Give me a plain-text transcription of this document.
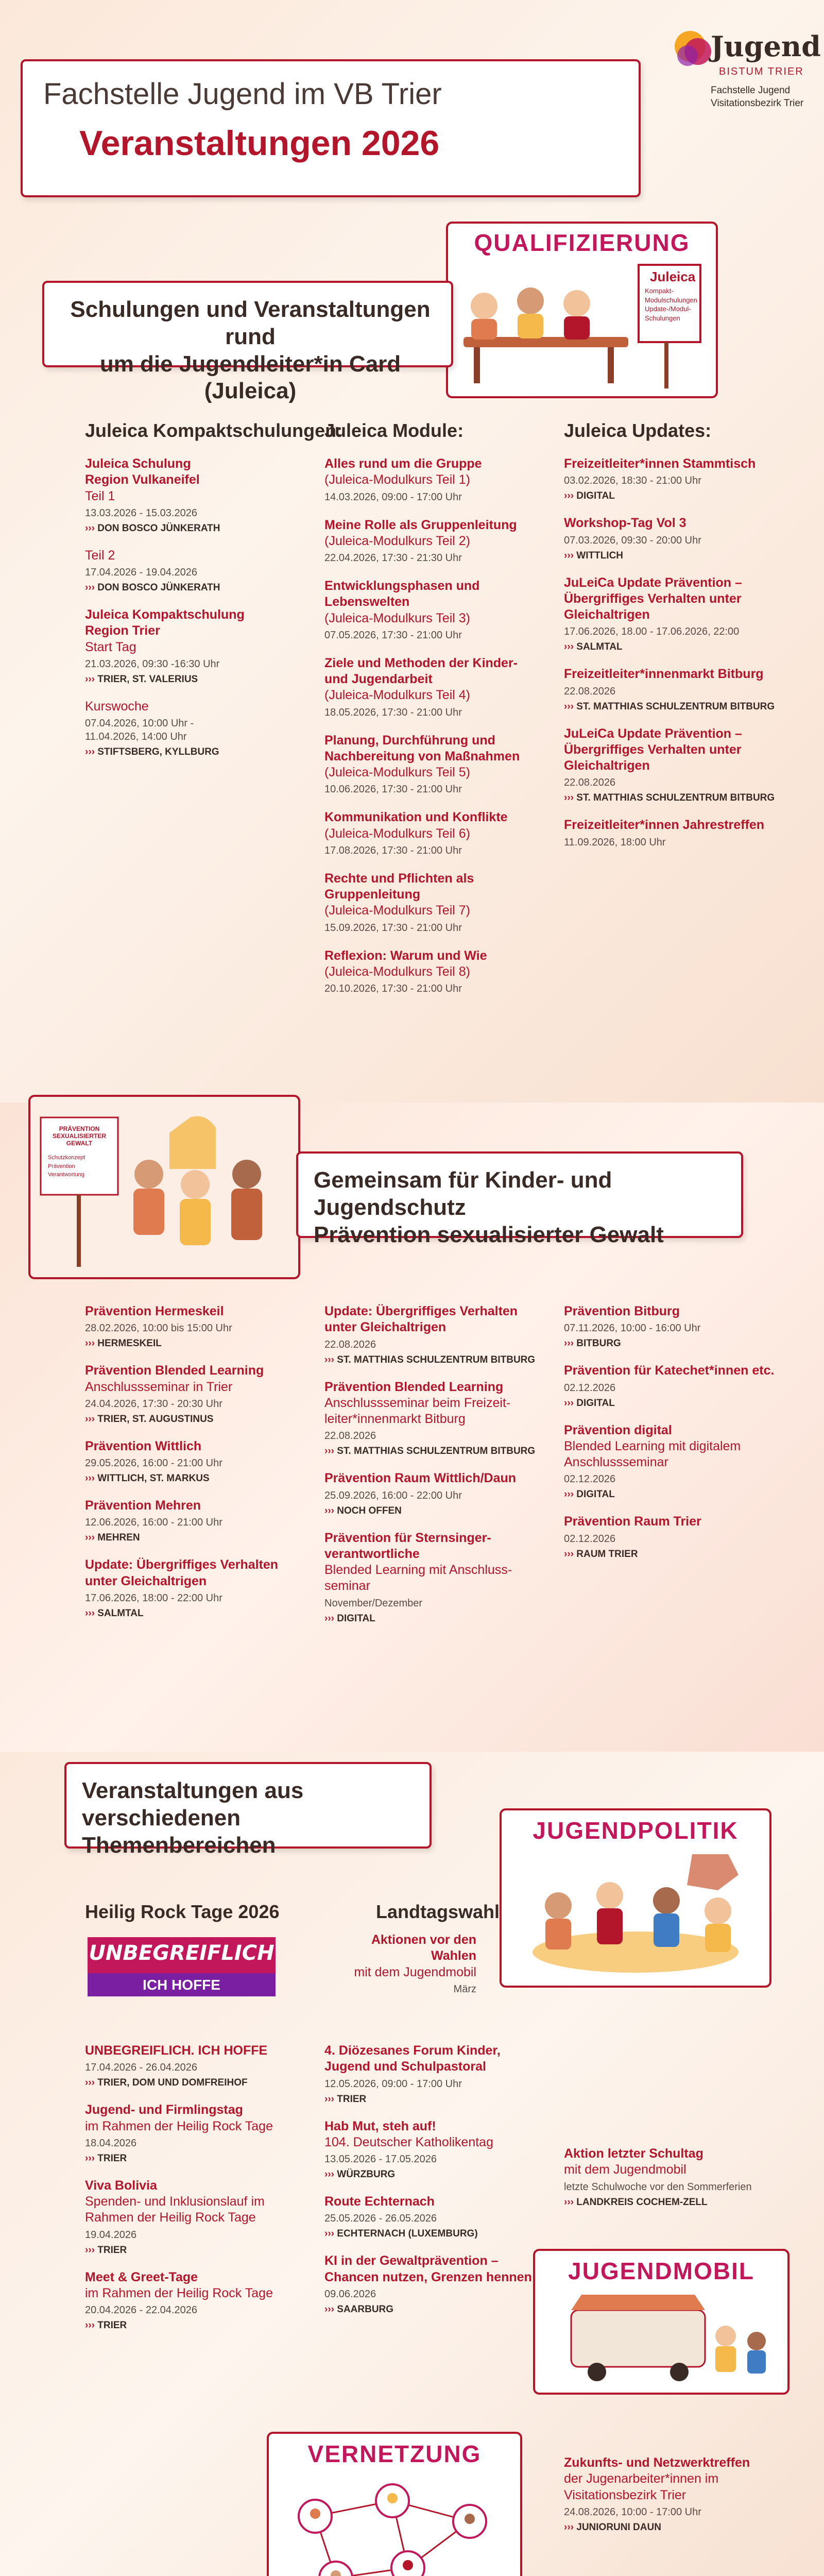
Fachstelle Jugend im VB Trier
Veranstaltungen 2026
Jugend
BISTUM TRIER
Fachstelle Jugend
Visitationsbezirk Trier
QUALIFIZIERUNG
Juleica
Kompakt-
Modulschulungen
Update-/Modul-
Schulungen
Schulungen und Veranstaltungen rund
um die Jugendleiter*in Card (Juleica)
Juleica Kompaktschulungen:
Juleica Module:	Juleica Updates:
Juleica Schulung
Region Vulkaneifel
Teil 1
13.03.2026 - 15.03.2026
››› DON BOSCO JÜNKERATH
Teil 2
17.04.2026 - 19.04.2026
››› DON BOSCO JÜNKERATH
Juleica Kompaktschulung
Region Trier
Start Tag
21.03.2026, 09:30 -16:30 Uhr
››› TRIER, ST. VALERIUS
Kurswoche
07.04.2026, 10:00 Uhr -
11.04.2026, 14:00 Uhr
››› STIFTSBERG, KYLLBURG
Alles rund um die Gruppe
(Juleica-Modulkurs Teil 1)
14.03.2026, 09:00 - 17:00 Uhr
Meine Rolle als Gruppenleitung
(Juleica-Modulkurs Teil 2)
22.04.2026, 17:30 - 21:30 Uhr
Entwicklungsphasen und Lebenswelten
(Juleica-Modulkurs Teil 3)
07.05.2026, 17:30 - 21:00 Uhr
Ziele und Methoden der Kinder- und Jugendarbeit
(Juleica-Modulkurs Teil 4)
18.05.2026, 17:30 - 21:00 Uhr
Planung, Durchführung und Nachbereitung von Maßnahmen
(Juleica-Modulkurs Teil 5)
10.06.2026, 17:30 - 21:00 Uhr
Kommunikation und Konflikte
(Juleica-Modulkurs Teil 6)
17.08.2026, 17:30 - 21:00 Uhr
Rechte und Pflichten als Gruppenleitung
(Juleica-Modulkurs Teil 7)
15.09.2026, 17:30 - 21:00 Uhr
Reflexion: Warum und Wie
(Juleica-Modulkurs Teil 8)
20.10.2026, 17:30 - 21:00 Uhr
Freizeitleiter*innen Stammtisch
03.02.2026, 18:30 - 21:00 Uhr
››› DIGITAL
Workshop-Tag Vol 3
07.03.2026, 09:30 - 20:00 Uhr
››› WITTLICH
JuLeiCa Update Prävention – Übergriffiges Verhalten unter Gleichaltrigen
17.06.2026, 18.00 - 17.06.2026, 22:00
››› SALMTAL
Freizeitleiter*innenmarkt Bitburg
22.08.2026
››› ST. MATTHIAS SCHULZENTRUM BITBURG
JuLeiCa Update Prävention – Übergriffiges Verhalten unter Gleichaltrigen
22.08.2026
››› ST. MATTHIAS SCHULZENTRUM BITBURG
Freizeitleiter*innen Jahrestreffen
11.09.2026, 18:00 Uhr
PRÄVENTION SEXUALISIERTER GEWALT
Schutzkonzept
Prävention
Verantwortung	Gemeinsam für Kinder- und Jugendschutz
Prävention sexualisierter Gewalt
Prävention Hermeskeil
28.02.2026, 10:00 bis 15:00 Uhr
››› HERMESKEIL
Prävention Blended Learning
Anschlussseminar in Trier
24.04.2026, 17:30 - 20:30 Uhr
››› TRIER, ST. AUGUSTINUS
Prävention Wittlich
29.05.2026, 16:00 - 21:00 Uhr
››› WITTLICH, ST. MARKUS
Prävention Mehren
12.06.2026, 16:00 - 21:00 Uhr
››› MEHREN
Update: Übergriffiges Verhalten unter Gleichaltrigen
17.06.2026, 18:00 - 22:00 Uhr
››› SALMTAL
Update: Übergriffiges Verhalten unter Gleichaltrigen
22.08.2026
››› ST. MATTHIAS SCHULZENTRUM BITBURG
Prävention Blended Learning
Anschlussseminar beim Freizeit-leiter*innenmarkt Bitburg
22.08.2026
››› ST. MATTHIAS SCHULZENTRUM BITBURG
Prävention Raum Wittlich/Daun
25.09.2026, 16:00 - 22:00 Uhr
››› NOCH OFFEN
Prävention für Sternsinger-verantwortliche
Blended Learning mit Anschluss-seminar
November/Dezember
››› DIGITAL
Prävention Bitburg
07.11.2026, 10:00 - 16:00 Uhr
››› BITBURG
Prävention für Katechet*innen etc.
02.12.2026
››› DIGITAL
Prävention digital
Blended Learning mit digitalem Anschlussseminar
02.12.2026
››› DIGITAL
Prävention Raum Trier
02.12.2026
››› RAUM TRIER
Veranstaltungen aus
verschiedenen Themenbereichen
JUGENDPOLITIK
Heilig Rock Tage 2026
UNBEGREIFLICH
ICH HOFFE
Landtagswahl
Aktionen vor den Wahlen
mit dem Jugendmobil
März
UNBEGREIFLICH. ICH HOFFE
17.04.2026 - 26.04.2026
››› TRIER, DOM UND DOMFREIHOF
Jugend- und Firmlingstag
im Rahmen der Heilig Rock Tage
18.04.2026
››› TRIER
Viva Bolivia
Spenden- und Inklusionslauf im Rahmen der Heilig Rock Tage
19.04.2026
››› TRIER
Meet & Greet-Tage
im Rahmen der Heilig Rock Tage
20.04.2026 - 22.04.2026
››› TRIER
4. Diözesanes Forum Kinder, Jugend und Schulpastoral
12.05.2026, 09:00 - 17:00 Uhr
››› TRIER
Hab Mut, steh auf!
104. Deutscher Katholikentag
13.05.2026 - 17.05.2026
››› WÜRZBURG
Route Echternach
25.05.2026 - 26.05.2026
››› ECHTERNACH (LUXEMBURG)
KI in der Gewaltprävention – Chancen nutzen, Grenzen hennen
09.06.2026
››› SAARBURG
Aktion letzter Schultag
mit dem Jugendmobil
letzte Schulwoche vor den Sommerferien
››› LANDKREIS COCHEM-ZELL
JUGENDMOBIL
VERNETZUNG	Zukunfts- und Netzwerktreffen
der Jugenarbeiter*innen im Visitationsbezirk Trier
24.08.2026, 10:00 - 17:00 Uhr
››› JUNIORUNI DAUN
